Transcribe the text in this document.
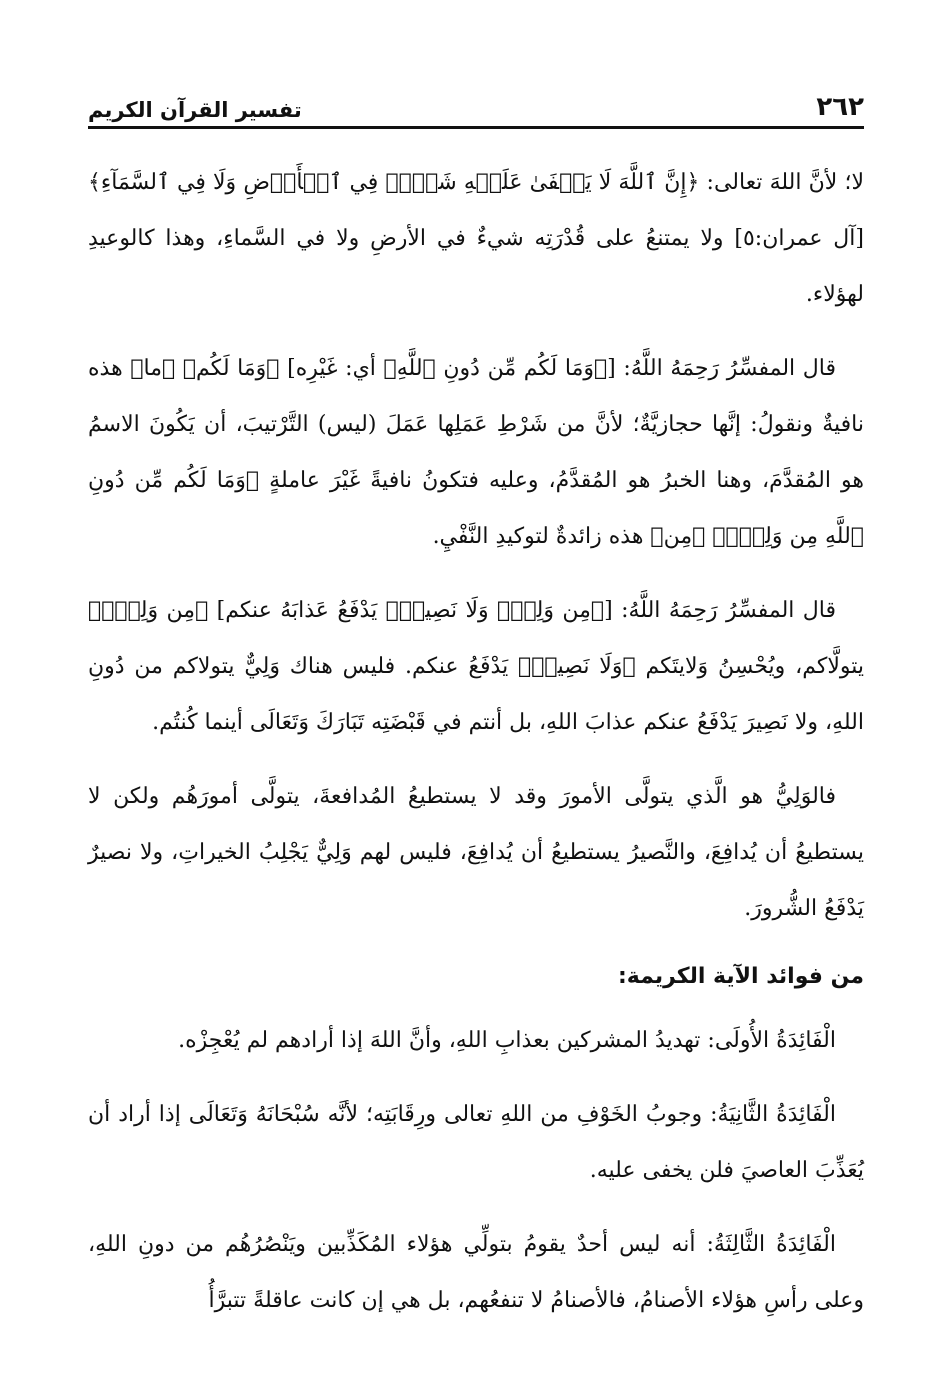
٢٦٢
تفسير القرآن الكريم

لا؛ لأنَّ اللهَ تعالى: ﴿إِنَّ ٱللَّهَ لَا يَخۡفَىٰ عَلَيۡهِ شَيۡءٞ فِي ٱلۡأَرۡضِ وَلَا فِي ٱلسَّمَآءِ﴾ [آل عمران:٥] ولا يمتنعُ على قُدْرَتِه شيءٌ في الأرضِ ولا في السَّماءِ، وهذا كالوعيدِ لهؤلاء.

قال المفسِّرُ رَحِمَهُ اللَّهُ: [﴿وَمَا لَكُم مِّن دُونِ ٱللَّهِ﴾ أي: غَيْرِه] ﴿وَمَا لَكُم﴾ ﴿ما﴾ هذه نافيةٌ ونقولُ: إنَّها حجازيَّةٌ؛ لأنَّ من شَرْطِ عَمَلِها عَمَلَ (ليس) التَّرْتيبَ، أن يَكُونَ الاسمُ هو المُقدَّمَ، وهنا الخبرُ هو المُقدَّمُ، وعليه فتكونُ نافيةً غَيْرَ عاملةٍ ﴿وَمَا لَكُم مِّن دُونِ ٱللَّهِ مِن وَلِيّٖ﴾ ﴿مِن﴾ هذه زائدةٌ لتوكيدِ النَّفْيِ.

قال المفسِّرُ رَحِمَهُ اللَّهُ: [﴿مِن وَلِيّٖ وَلَا نَصِيرٖ﴾ يَدْفَعُ عَذابَهُ عنكم] ﴿مِن وَلِيّٖ﴾ يتولَّاكم، ويُحْسِنُ وَلايتَكم ﴿وَلَا نَصِيرٖ﴾ يَدْفَعُ عنكم. فليس هناك وَلِيٌّ يتولاكم من دُونِ اللهِ، ولا نَصِيرَ يَدْفَعُ عنكم عذابَ اللهِ، بل أنتم في قَبْضَتِه تَبَارَكَ وَتَعَالَى أينما كُنتُم.

فالوَلِيُّ هو الَّذي يتولَّى الأمورَ وقد لا يستطيعُ المُدافعةَ، يتولَّى أمورَهُم ولكن لا يستطيعُ أن يُدافِعَ، والنَّصيرُ يستطيعُ أن يُدافِعَ، فليس لهم وَلِيٌّ يَجْلِبُ الخيراتِ، ولا نصيرٌ يَدْفَعُ الشُّرورَ.

من فوائد الآية الكريمة:

الْفَائِدَةُ الأُولَى: تهديدُ المشركين بعذابِ اللهِ، وأنَّ اللهَ إذا أرادهم لم يُعْجِزْه.

الْفَائِدَةُ الثَّانِيَةُ: وجوبُ الخَوْفِ من اللهِ تعالى ورِقَابَتِه؛ لأنَّه سُبْحَانَهُ وَتَعَالَى إذا أراد أن يُعَذِّبَ العاصيَ فلن يخفى عليه.

الْفَائِدَةُ الثَّالِثَةُ: أنه ليس أحدٌ يقومُ بتولِّي هؤلاء المُكَذِّبين ويَنْصُرُهُم من دونِ اللهِ، وعلى رأسِ هؤلاء الأصنامُ، فالأصنامُ لا تنفعُهم، بل هي إن كانت عاقلةً تتبرَّأُ
